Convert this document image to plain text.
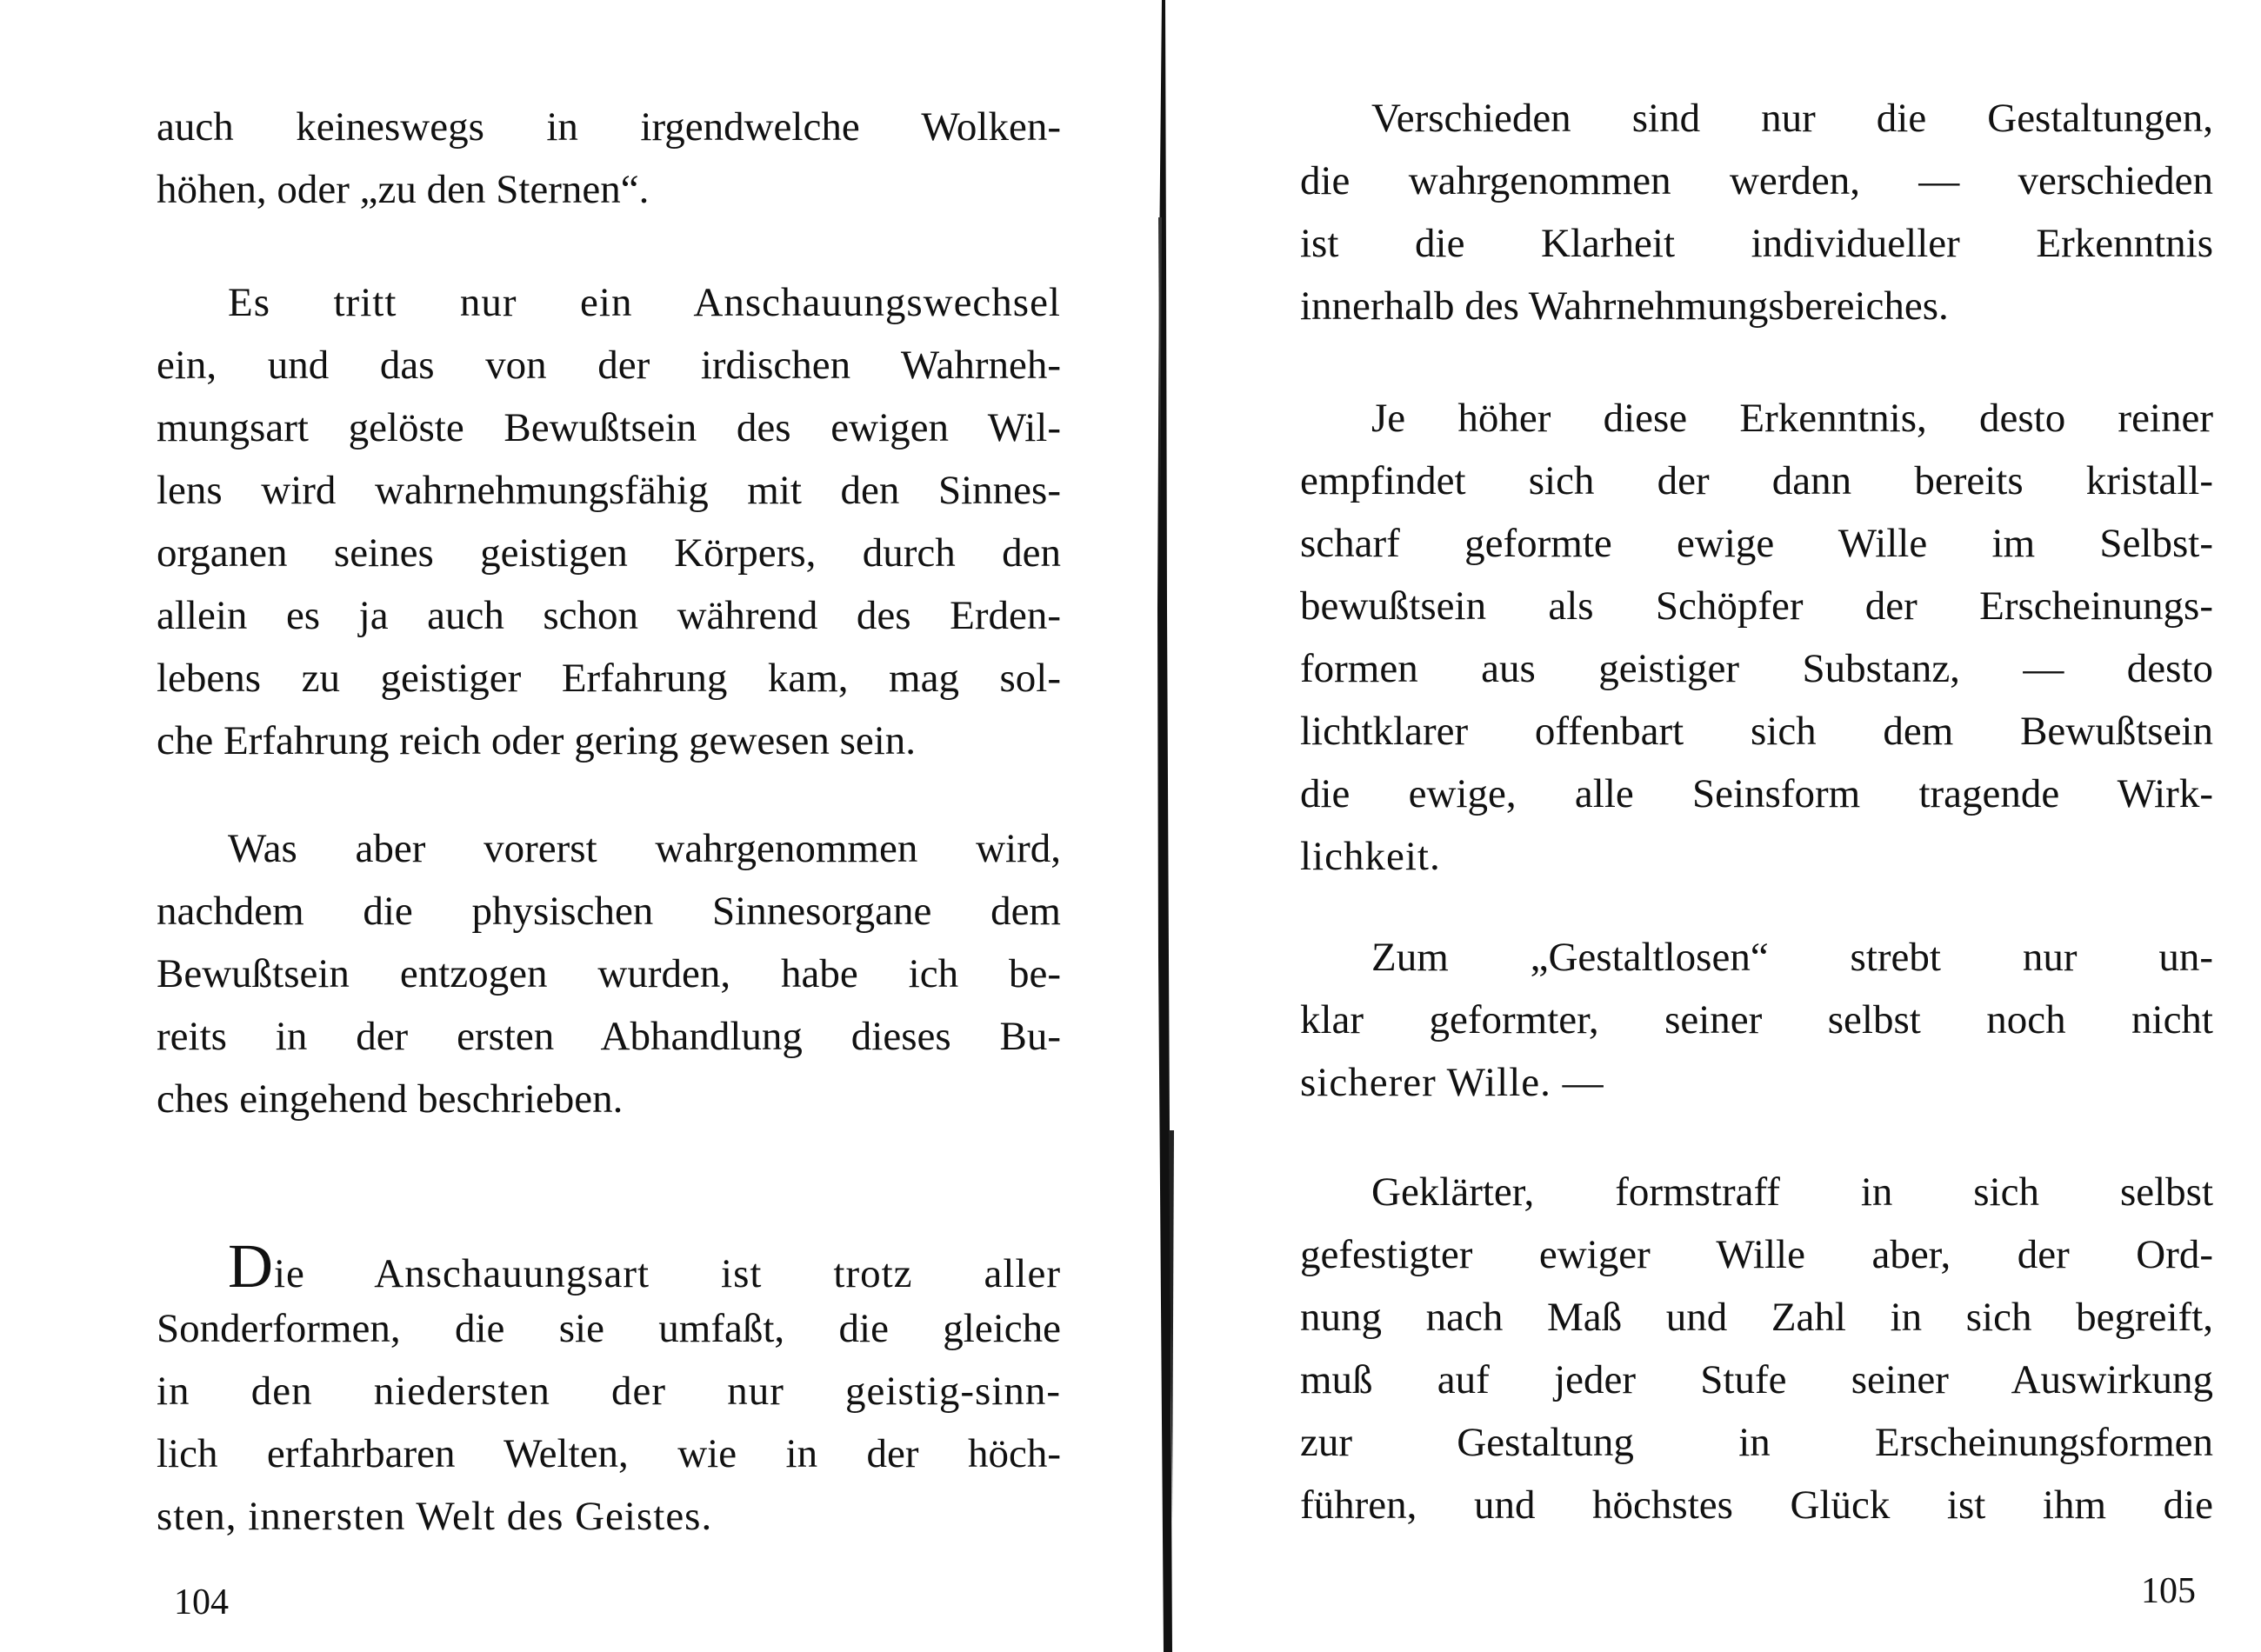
auch keineswegs in irgendwelche Wolken-
höhen, oder „zu den Sternen“.
Es tritt nur ein Anschauungswechsel
ein, und das von der irdischen Wahrneh-
mungsart gelöste Bewußtsein des ewigen Wil-
lens wird wahrnehmungsfähig mit den Sinnes-
organen seines geistigen Körpers, durch den
allein es ja auch schon während des Erden-
lebens zu geistiger Erfahrung kam, mag sol-
che Erfahrung reich oder gering gewesen sein.
Was aber vorerst wahrgenommen wird,
nachdem die physischen Sinnesorgane dem
Bewußtsein entzogen wurden, habe ich be-
reits in der ersten Abhandlung dieses Bu-
ches eingehend beschrieben.
Die Anschauungsart ist trotz aller
Sonderformen, die sie umfaßt, die gleiche
in den niedersten der nur geistig-sinn-
lich erfahrbaren Welten, wie in der höch-
sten, innersten Welt des Geistes.
104
Verschieden sind nur die Gestaltungen,
die wahrgenommen werden, — verschieden
ist die Klarheit individueller Erkenntnis
innerhalb des Wahrnehmungsbereiches.
Je höher diese Erkenntnis, desto reiner
empfindet sich der dann bereits kristall-
scharf geformte ewige Wille im Selbst-
bewußtsein als Schöpfer der Erscheinungs-
formen aus geistiger Substanz, — desto
lichtklarer offenbart sich dem Bewußtsein
die ewige, alle Seinsform tragende Wirk-
lichkeit.
Zum „Gestaltlosen“ strebt nur un-
klar geformter, seiner selbst noch nicht
sicherer Wille. —
Geklärter, formstraff in sich selbst
gefestigter ewiger Wille aber, der Ord-
nung nach Maß und Zahl in sich begreift,
muß auf jeder Stufe seiner Auswirkung
zur Gestaltung in Erscheinungsformen
führen, und höchstes Glück ist ihm die
105
